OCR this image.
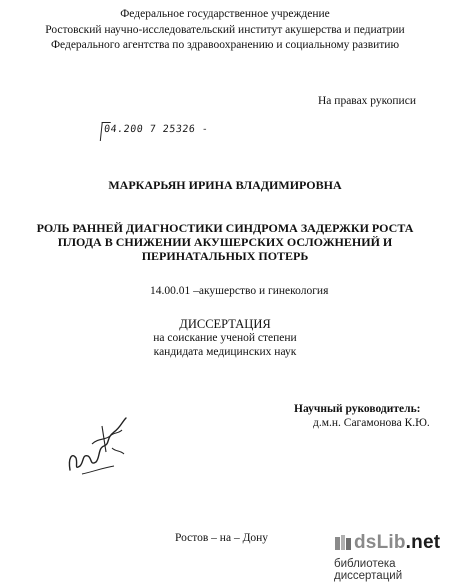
Федеральное государственное учреждение
Ростовский научно-исследовательский институт акушерства и педиатрии
Федерального агентства по здравоохранению и социальному развитию
На правах рукописи
04.200 7 25326 -
МАРКАРЬЯН ИРИНА ВЛАДИМИРОВНА
РОЛЬ РАННЕЙ ДИАГНОСТИКИ СИНДРОМА ЗАДЕРЖКИ РОСТА
ПЛОДА В СНИЖЕНИИ АКУШЕРСКИХ ОСЛОЖНЕНИЙ И
ПЕРИНАТАЛЬНЫХ ПОТЕРЬ
14.00.01 –акушерство и гинекология
ДИССЕРТАЦИЯ
на соискание ученой степени
кандидата медицинских наук
Научный руководитель:
д.м.н. Сагамонова К.Ю.
Ростов – на – Дону	dsLib.net
библиотека диссертаций
